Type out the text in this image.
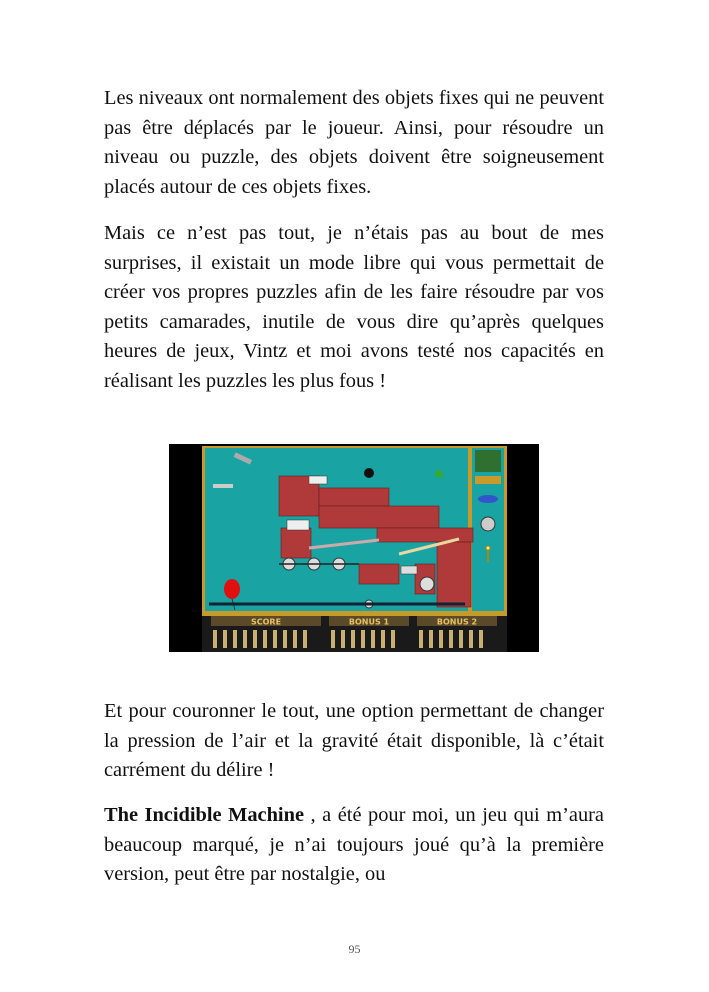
Les niveaux ont normalement des objets fixes qui ne peuvent pas être déplacés par le joueur. Ainsi, pour résoudre un niveau ou puzzle, des objets doivent être soigneusement placés autour de ces objets fixes.

Mais ce n’est pas tout, je n’étais pas au bout de mes surprises, il existait un mode libre qui vous permettait de créer vos propres puzzles afin de les faire résoudre par vos petits camarades, inutile de vous dire qu’après quelques heures de jeux, Vintz et moi avons testé nos capacités en réalisant les puzzles les plus fous !

SCORE	BONUS 1	BONUS 2

Et pour couronner le tout, une option permettant de changer la pression de l’air et la gravité était disponible, là c’était carrément du délire !

The Incidible Machine , a été pour moi, un jeu qui m’aura beaucoup marqué, je n’ai toujours joué qu’à la première version, peut être par nostalgie, ou

95
